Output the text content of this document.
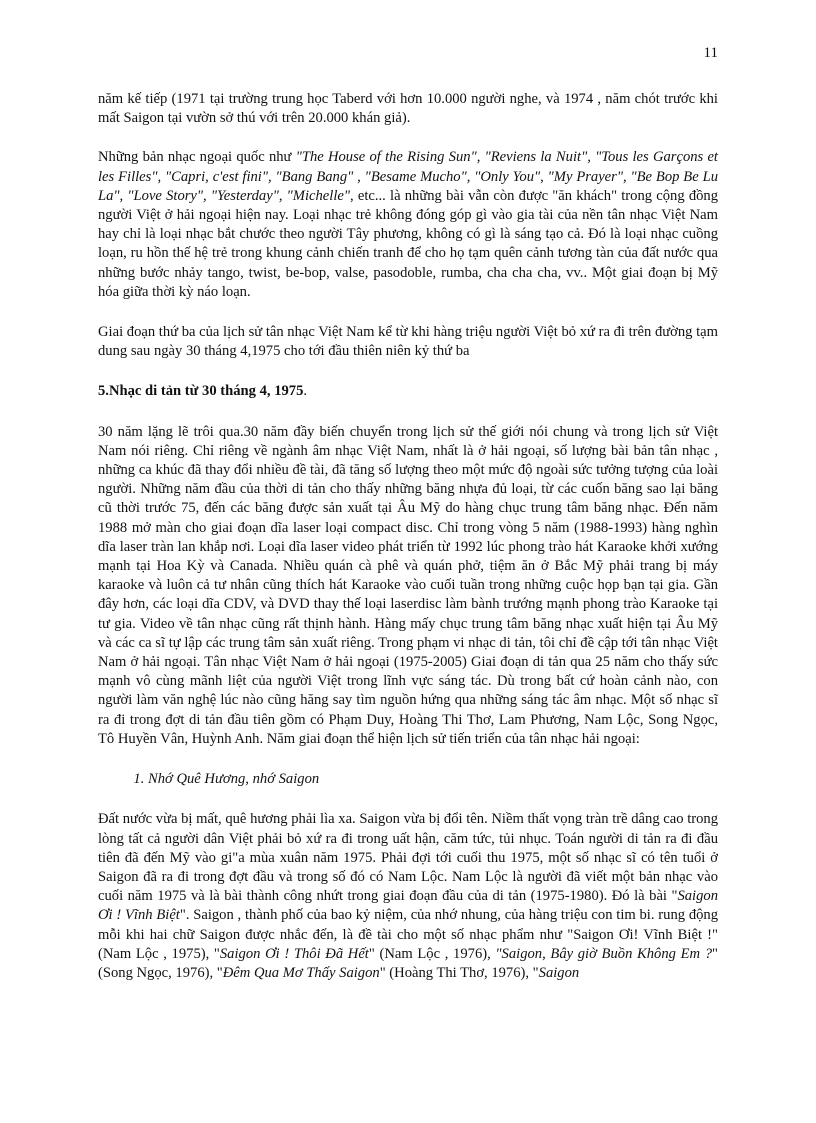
11

năm kế tiếp (1971 tại trường trung học Taberd với hơn 10.000 người nghe, và 1974 , năm chót trước khi mất Saigon tại vườn sở thú với trên 20.000 khán giả).

Những bản nhạc ngoại quốc như "The House of the Rising Sun", "Reviens la Nuit", "Tous les Garçons et les Filles", "Capri, c'est fini", "Bang Bang" , "Besame Mucho", "Only You", "My Prayer", "Be Bop Be Lu La", "Love Story", "Yesterday", "Michelle", etc... là những bài vẫn còn được "ăn khách" trong cộng đồng người Việt ở hải ngoại hiện nay. Loại nhạc trẻ không đóng góp gì vào gia tài của nền tân nhạc Việt Nam hay chỉ là loại nhạc bắt chước theo người Tây phương, không có gì là sáng tạo cả. Đó là loại nhạc cuồng loạn, ru hồn thế hệ trẻ trong khung cảnh chiến tranh để cho họ tạm quên cảnh tương tàn của đất nước qua những bước nhảy tango, twist, be-bop, valse, pasodoble, rumba, cha cha cha, vv.. Một giai đoạn bị Mỹ hóa giữa thời kỳ náo loạn.

Giai đoạn thứ ba của lịch sử tân nhạc Việt Nam kể từ khi hàng triệu người Việt bỏ xứ ra đi trên đường tạm dung sau ngày 30 tháng 4,1975 cho tới đầu thiên niên kỷ thứ ba

5.Nhạc di tản từ 30 tháng 4, 1975.

30 năm lặng lẽ trôi qua.30 năm đầy biến chuyển trong lịch sử thế giới nói chung và trong lịch sử Việt Nam nói riêng. Chỉ riêng về ngành âm nhạc Việt Nam, nhất là ở hải ngoại, số lượng bài bản tân nhạc , những ca khúc đã thay đổi nhiều đề tài, đã tăng số lượng theo một mức độ ngoài sức tưởng tượng của loài người. Những năm đầu của thời di tản cho thấy những băng nhựa đủ loại, từ các cuốn băng sao lại băng cũ thời trước 75, đến các băng được sản xuất tại Âu Mỹ do hàng chục trung tâm băng nhạc. Đến năm 1988 mở màn cho giai đoạn dĩa laser loại compact disc. Chỉ trong vòng 5 năm (1988-1993) hàng nghìn dĩa laser tràn lan khắp nơi. Loại dĩa laser video phát triển từ 1992 lúc phong trào hát Karaoke khởi xướng mạnh tại Hoa Kỳ và Canada. Nhiều quán cà phê và quán phở, tiệm ăn ở Bắc Mỹ phải trang bị máy karaoke và luôn cả tư nhân cũng thích hát Karaoke vào cuối tuần trong những cuộc họp bạn tại gia. Gần đây hơn, các loại dĩa CDV, và DVD thay thế loại laserdisc làm bành trướng mạnh phong trào Karaoke tại tư gia. Video về tân nhạc cũng rất thịnh hành. Hàng mấy chục trung tâm băng nhạc xuất hiện tại Âu Mỹ và các ca sĩ tự lập các trung tâm sản xuất riêng. Trong phạm vi nhạc di tản, tôi chỉ đề cập tới tân nhạc Việt Nam ở hải ngoại. Tân nhạc Việt Nam ở hải ngoại (1975-2005) Giai đoạn di tản qua 25 năm cho thấy sức mạnh vô cùng mãnh liệt của người Việt trong lĩnh vực sáng tác. Dù trong bất cứ hoàn cảnh nào, con người làm văn nghệ lúc nào cũng hăng say tìm nguồn hứng qua những sáng tác âm nhạc. Một số nhạc sĩ ra đi trong đợt di tản đầu tiên gồm có Phạm Duy, Hoàng Thi Thơ, Lam Phương, Nam Lộc, Song Ngọc, Tô Huyền Vân, Huỳnh Anh. Năm giai đoạn thể hiện lịch sử tiến triển của tân nhạc hải ngoại:

1. Nhớ Quê Hương, nhớ Saigon

Đất nước vừa bị mất, quê hương phải lìa xa. Saigon vừa bị đổi tên. Niềm thất vọng tràn trề dâng cao trong lòng tất cả người dân Việt phải bỏ xứ ra đi trong uất hận, căm tức, tủi nhục. Toán người di tản ra đi đầu tiên đã đến Mỹ vào gi"a mùa xuân năm 1975. Phải đợi tới cuối thu 1975, một số nhạc sĩ có tên tuổi ở Saigon đã ra đi trong đợt đầu và trong số đó có Nam Lộc. Nam Lộc là người đã viết một bản nhạc vào cuối năm 1975 và là bài thành công nhứt trong giai đoạn đầu của di tản (1975-1980). Đó là bài "Saigon Ơi ! Vĩnh Biệt". Saigon , thành phố của bao kỷ niệm, của nhớ nhung, của hàng triệu con tim bi. rung động mỗi khi hai chữ Saigon được nhắc đến, là đề tài cho một số nhạc phẩm như "Saigon Ơi! Vĩnh Biệt !" (Nam Lộc , 1975), "Saigon Ơi ! Thôi Đã Hết" (Nam Lộc , 1976), "Saigon, Bây giờ Buồn Không Em ?" (Song Ngọc, 1976), "Đêm Qua Mơ Thấy Saigon" (Hoàng Thi Thơ, 1976), "Saigon
